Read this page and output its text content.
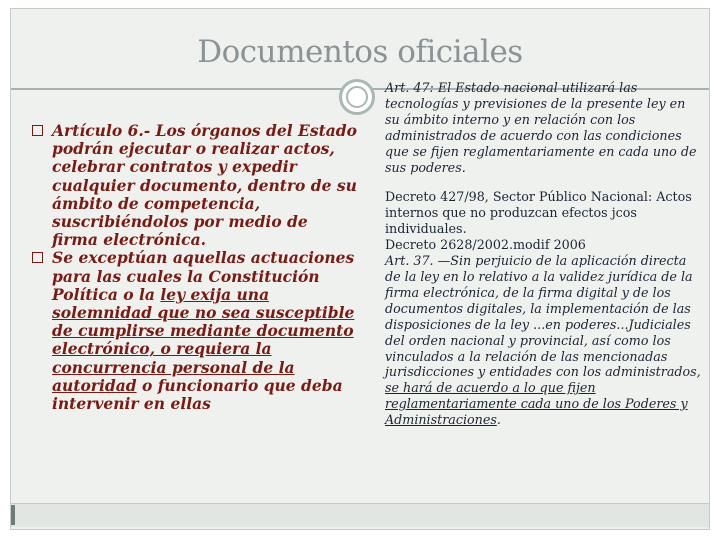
Documentos oficiales

Artículo 6.- Los órganos del Estado podrán ejecutar o realizar actos, celebrar contratos y expedir cualquier documento, dentro de su ámbito de competencia, suscribiéndolos por medio de firma electrónica.

Se exceptúan aquellas actuaciones para las cuales la Constitución Política o la ley exija una solemnidad que no sea susceptible de cumplirse mediante documento electrónico, o requiera la concurrencia personal de la autoridad o funcionario que deba intervenir en ellas

Art. 47: El Estado nacional utilizará las tecnologías y previsiones de la presente ley en su ámbito interno y en relación con los administrados de acuerdo con las condiciones que se fijen reglamentariamente en cada uno de sus poderes.

Decreto 427/98, Sector Público Nacional: Actos internos que no produzcan efectos jcos individuales.

Decreto 2628/2002.modif 2006

Art. 37. —Sin perjuicio de la aplicación directa de la ley en lo relativo a la validez jurídica de la firma electrónica, de la firma digital y de los documentos digitales, la implementación de las disposiciones de la ley ...en poderes...Judiciales del orden nacional y provincial, así como los vinculados a la relación de las mencionadas jurisdicciones y entidades con los administrados, se hará de acuerdo a lo que fijen reglamentariamente cada uno de los Poderes y Administraciones.
